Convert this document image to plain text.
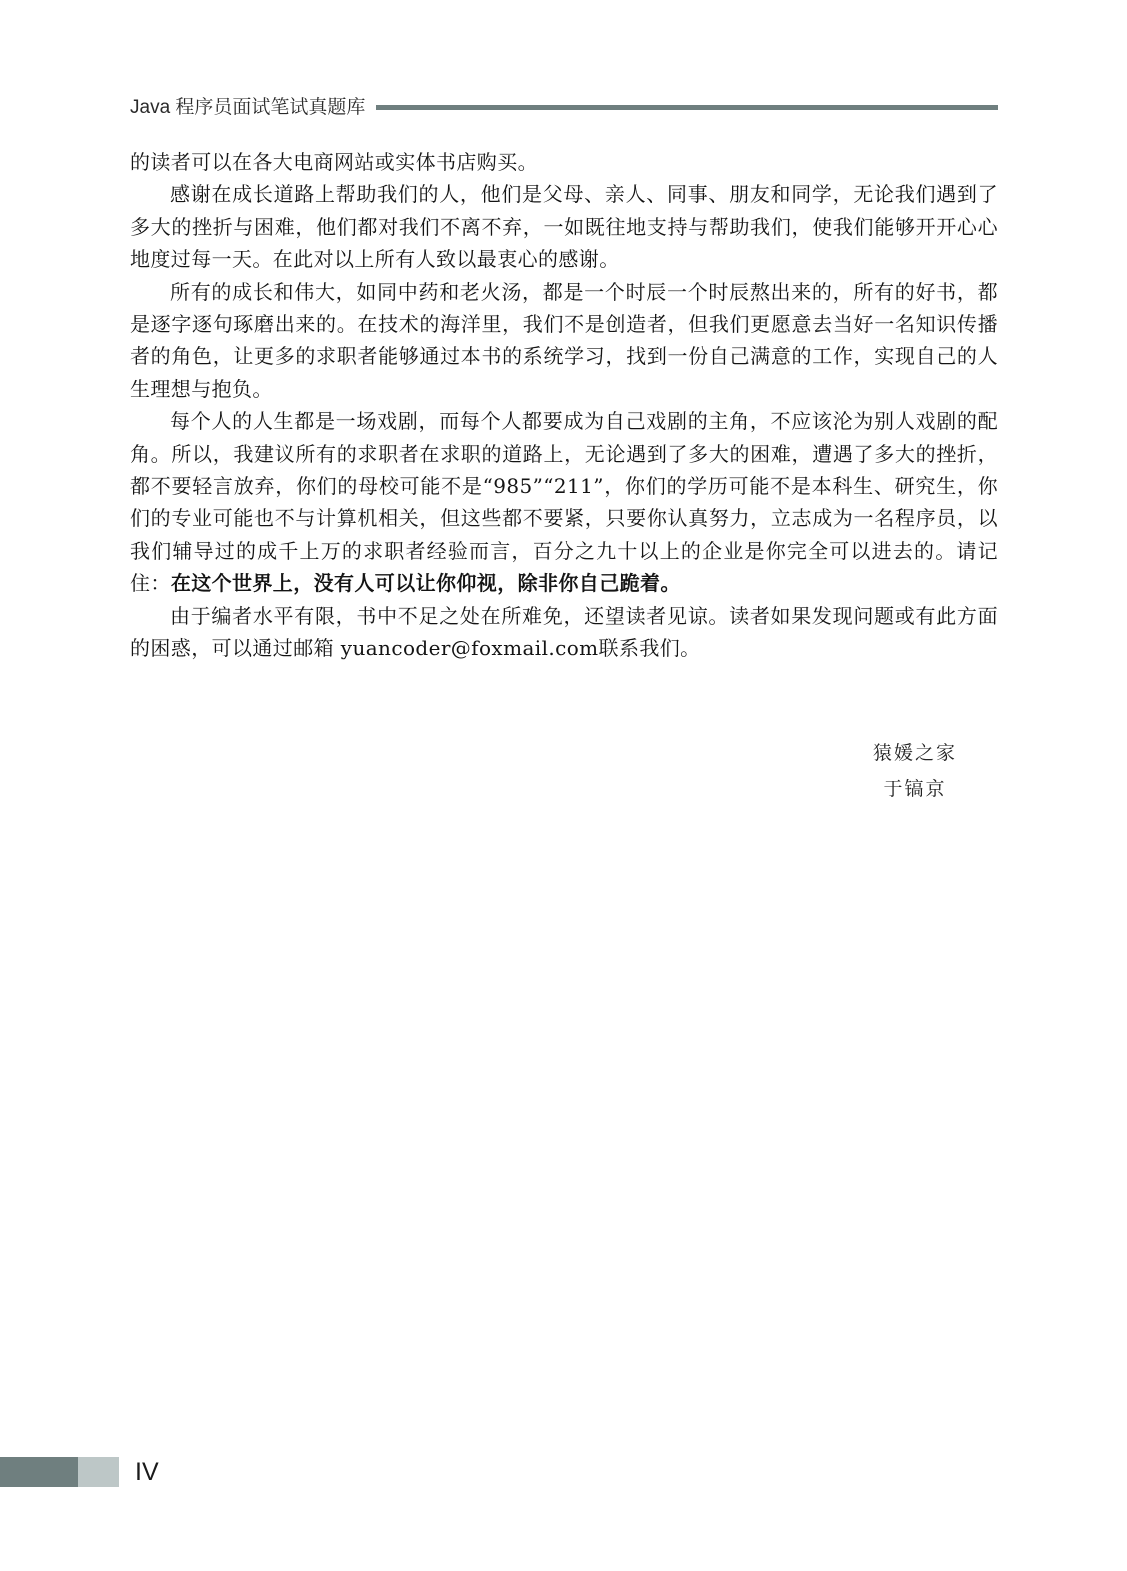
Java 程序员面试笔试真题库

的读者可以在各大电商网站或实体书店购买。

感谢在成长道路上帮助我们的人，他们是父母、亲人、同事、朋友和同学，无论我们遇到了多大的挫折与困难，他们都对我们不离不弃，一如既往地支持与帮助我们，使我们能够开开心心地度过每一天。在此对以上所有人致以最衷心的感谢。

所有的成长和伟大，如同中药和老火汤，都是一个时辰一个时辰熬出来的，所有的好书，都是逐字逐句琢磨出来的。在技术的海洋里，我们不是创造者，但我们更愿意去当好一名知识传播者的角色，让更多的求职者能够通过本书的系统学习，找到一份自己满意的工作，实现自己的人生理想与抱负。

每个人的人生都是一场戏剧，而每个人都要成为自己戏剧的主角，不应该沦为别人戏剧的配角。所以，我建议所有的求职者在求职的道路上，无论遇到了多大的困难，遭遇了多大的挫折，都不要轻言放弃，你们的母校可能不是“985”“211”，你们的学历可能不是本科生、研究生，你们的专业可能也不与计算机相关，但这些都不要紧，只要你认真努力，立志成为一名程序员，以我们辅导过的成千上万的求职者经验而言，百分之九十以上的企业是你完全可以进去的。请记住：在这个世界上，没有人可以让你仰视，除非你自己跪着。

由于编者水平有限，书中不足之处在所难免，还望读者见谅。读者如果发现问题或有此方面的困惑，可以通过邮箱 yuancoder@foxmail.com联系我们。

猿媛之家
于镐京
IV
